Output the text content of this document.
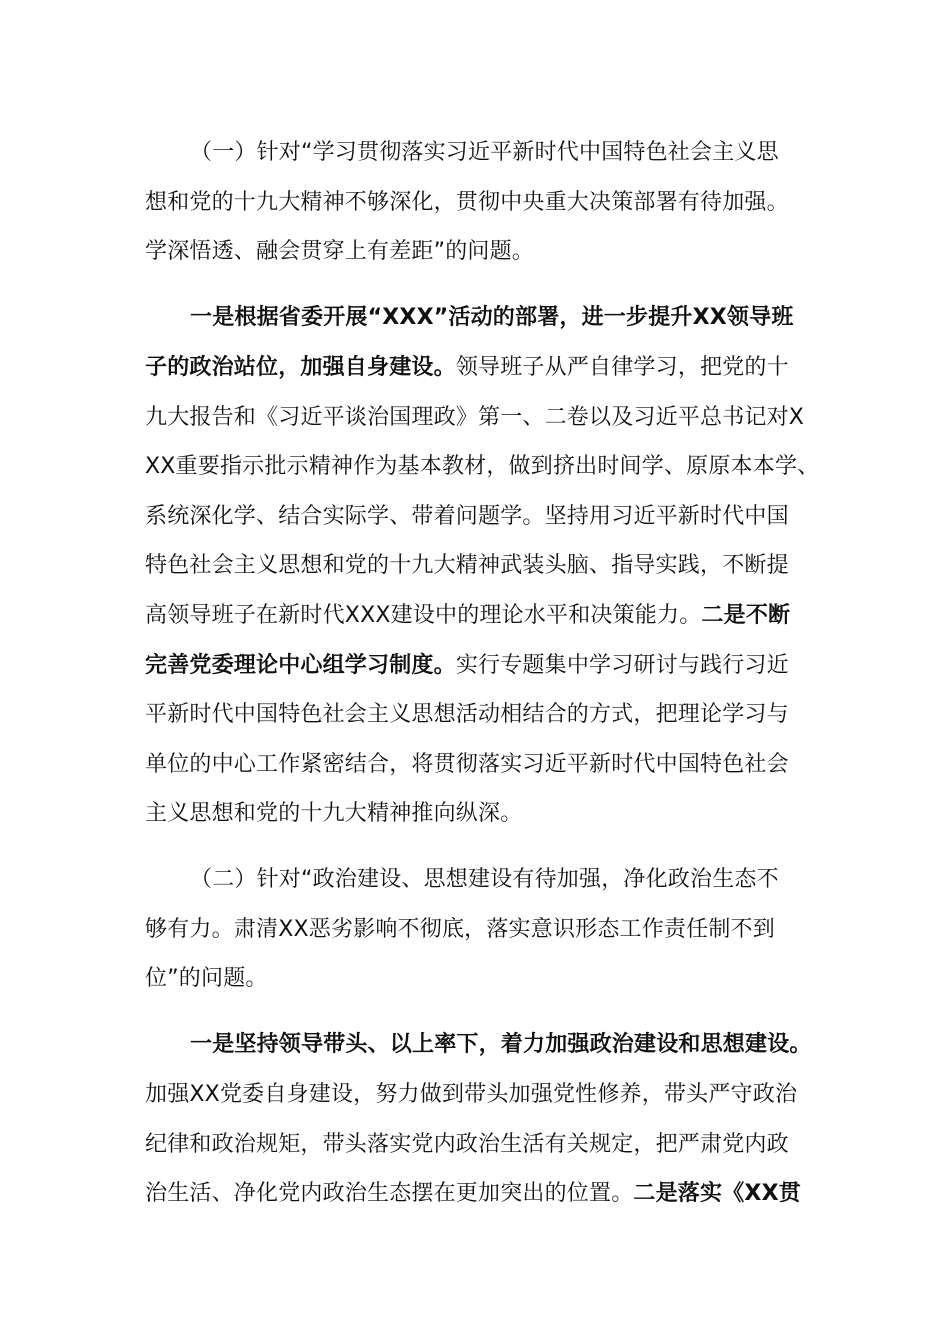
（一）针对“学习贯彻落实习近平新时代中国特色社会主义思
想和党的十九大精神不够深化，贯彻中央重大决策部署有待加强。
学深悟透、融会贯穿上有差距”的问题。
一是根据省委开展“XXX”活动的部署，进一步提升XX领导班
子的政治站位，加强自身建设。领导班子从严自律学习，把党的十
九大报告和《习近平谈治国理政》第一、二卷以及习近平总书记对X
XX重要指示批示精神作为基本教材，做到挤出时间学、原原本本学、
系统深化学、结合实际学、带着问题学。坚持用习近平新时代中国
特色社会主义思想和党的十九大精神武装头脑、指导实践，不断提
高领导班子在新时代XXX建设中的理论水平和决策能力。二是不断
完善党委理论中心组学习制度。实行专题集中学习研讨与践行习近
平新时代中国特色社会主义思想活动相结合的方式，把理论学习与
单位的中心工作紧密结合，将贯彻落实习近平新时代中国特色社会
主义思想和党的十九大精神推向纵深。
（二）针对“政治建设、思想建设有待加强，净化政治生态不
够有力。肃清XX恶劣影响不彻底，落实意识形态工作责任制不到
位”的问题。
一是坚持领导带头、以上率下，着力加强政治建设和思想建设。
加强XX党委自身建设，努力做到带头加强党性修养，带头严守政治
纪律和政治规矩，带头落实党内政治生活有关规定，把严肃党内政
治生活、净化党内政治生态摆在更加突出的位置。二是落实《XX贯
